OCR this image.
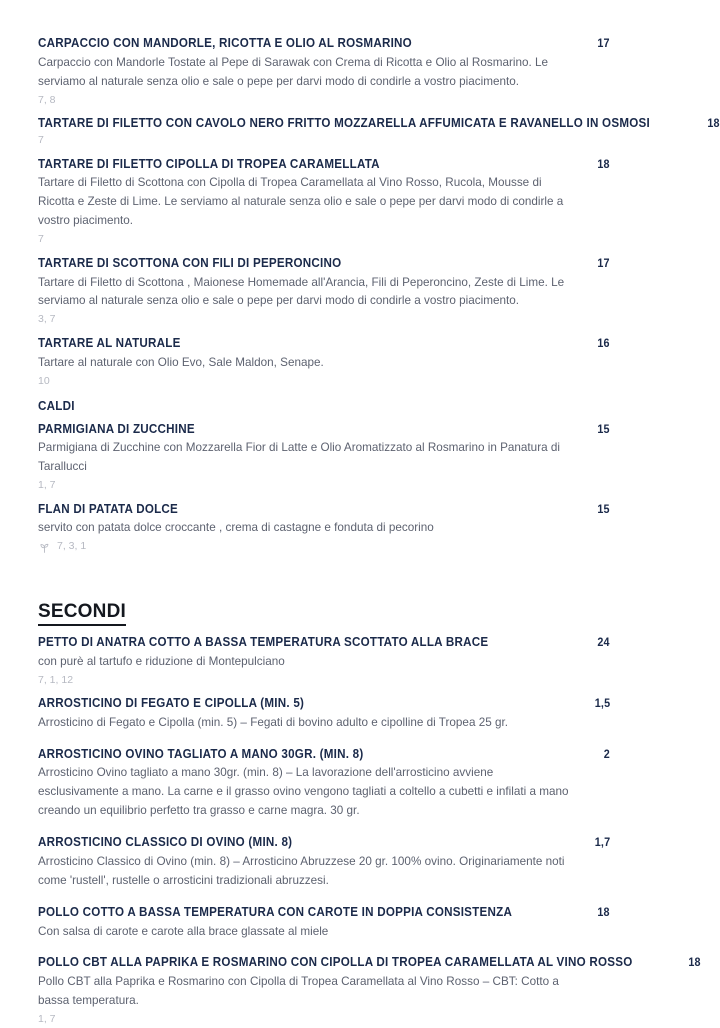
CARPACCIO CON MANDORLE, RICOTTA E OLIO AL ROSMARINO	17

Carpaccio con Mandorle Tostate al Pepe di Sarawak con Crema di Ricotta e Olio al Rosmarino. Le serviamo al naturale senza olio e sale o pepe per darvi modo di condirle a vostro piacimento.

7, 8
TARTARE DI FILETTO CON CAVOLO NERO FRITTO MOZZARELLA AFFUMICATA E RAVANELLO IN OSMOSI	18
7
TARTARE DI FILETTO CIPOLLA DI TROPEA CARAMELLATA	18

Tartare di Filetto di Scottona con Cipolla di Tropea Caramellata al Vino Rosso, Rucola, Mousse di Ricotta e Zeste di Lime. Le serviamo al naturale senza olio e sale o pepe per darvi modo di condirle a vostro piacimento.

7
TARTARE DI SCOTTONA CON FILI DI PEPERONCINO	17

Tartare di Filetto di Scottona , Maionese Homemade all'Arancia, Fili di Peperoncino, Zeste di Lime. Le serviamo al naturale senza olio e sale o pepe per darvi modo di condirle a vostro piacimento.

3, 7
TARTARE AL NATURALE	16

Tartare al naturale con Olio Evo, Sale Maldon, Senape.

10
CALDI
PARMIGIANA DI ZUCCHINE	15

Parmigiana di Zucchine con Mozzarella Fior di Latte e Olio Aromatizzato al Rosmarino in Panatura di Tarallucci

1, 7
FLAN DI PATATA DOLCE	15

servito con patata dolce croccante , crema di castagne e fonduta di pecorino

7, 3, 1
SECONDI
PETTO DI ANATRA COTTO A BASSA TEMPERATURA SCOTTATO ALLA BRACE	24

con purè al tartufo e riduzione di Montepulciano

7, 1, 12
ARROSTICINO DI FEGATO E CIPOLLA (MIN. 5)	1,5

Arrosticino di Fegato e Cipolla (min. 5) – Fegati di bovino adulto e cipolline di Tropea 25 gr.

ARROSTICINO OVINO TAGLIATO A MANO 30GR. (MIN. 8)	2

Arrosticino Ovino tagliato a mano 30gr. (min. 8) – La lavorazione dell'arrosticino avviene esclusivamente a mano. La carne e il grasso ovino vengono tagliati a coltello a cubetti e infilati a mano creando un equilibrio perfetto tra grasso e carne magra. 30 gr.

ARROSTICINO CLASSICO DI OVINO (MIN. 8)	1,7

Arrosticino Classico di Ovino (min. 8) – Arrosticino Abruzzese 20 gr. 100% ovino. Originariamente noti come 'rustell', rustelle o arrosticini tradizionali abruzzesi.

POLLO COTTO A BASSA TEMPERATURA CON CAROTE IN DOPPIA CONSISTENZA	18

Con salsa di carote e carote alla brace glassate al miele

POLLO CBT ALLA PAPRIKA E ROSMARINO CON CIPOLLA DI TROPEA CARAMELLATA AL VINO ROSSO	18

Pollo CBT alla Paprika e Rosmarino con Cipolla di Tropea Caramellata al Vino Rosso – CBT: Cotto a bassa temperatura.

1, 7
